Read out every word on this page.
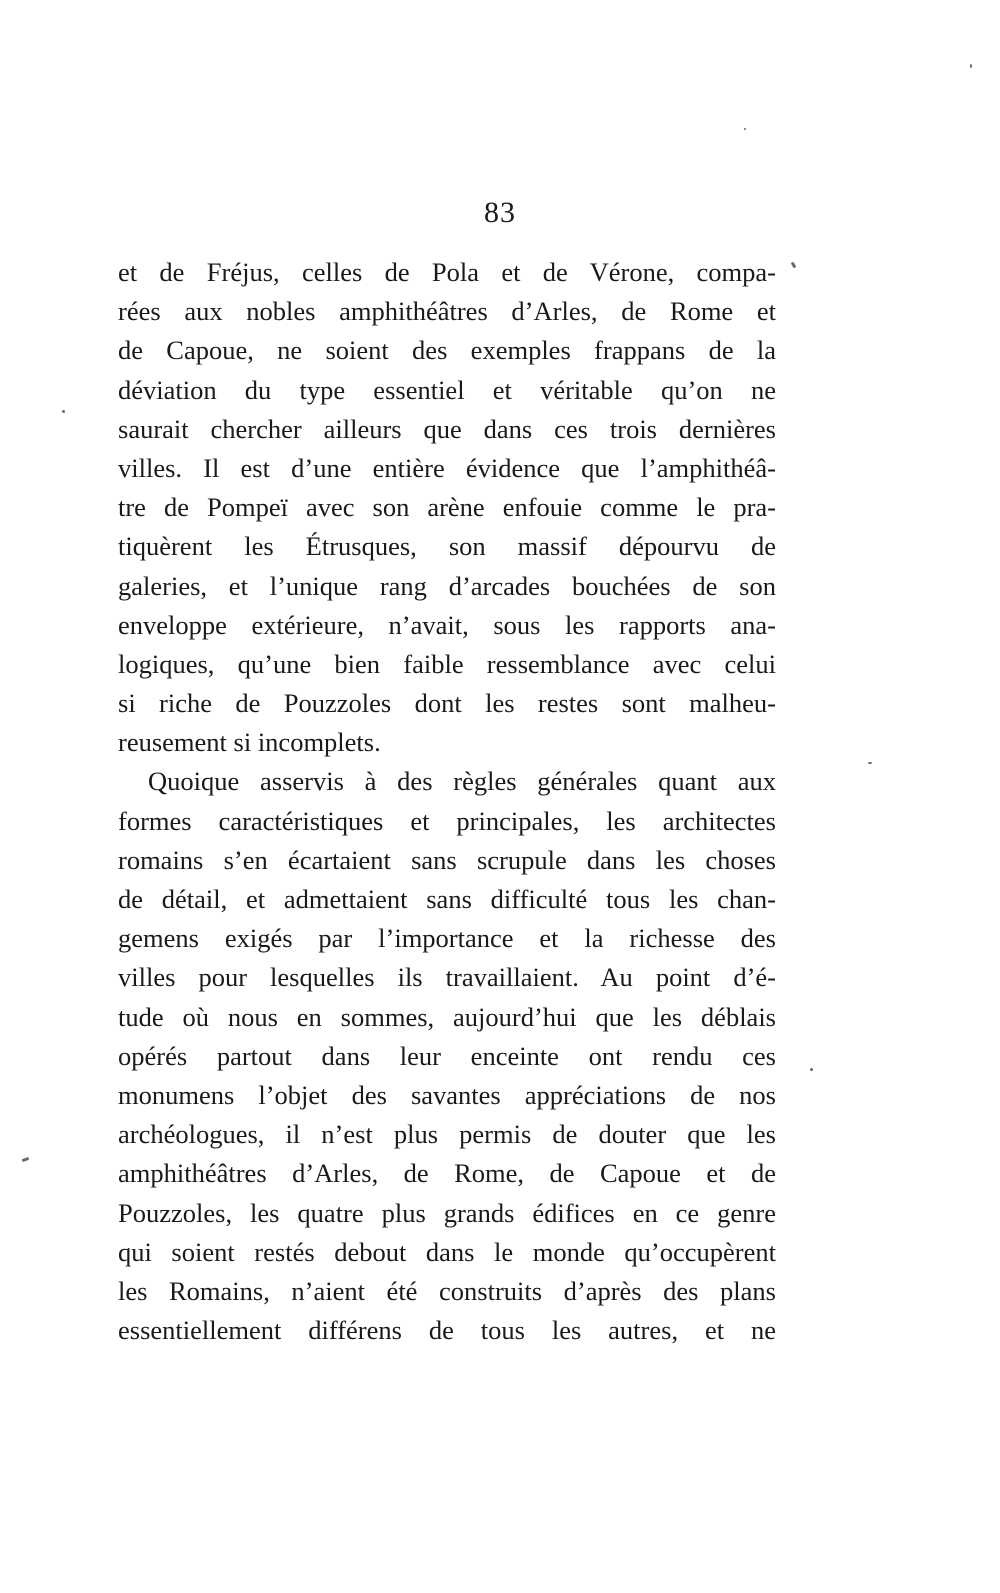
83
et de Fréjus, celles de Pola et de Vérone, compa-
rées aux nobles amphithéâtres d’Arles, de Rome et
de Capoue, ne soient des exemples frappans de la
déviation du type essentiel et véritable qu’on ne
saurait chercher ailleurs que dans ces trois dernières
villes. Il est d’une entière évidence que l’amphithéâ-
tre de Pompeï avec son arène enfouie comme le pra-
tiquèrent les Étrusques, son massif dépourvu de
galeries, et l’unique rang d’arcades bouchées de son
enveloppe extérieure, n’avait, sous les rapports ana-
logiques, qu’une bien faible ressemblance avec celui
si riche de Pouzzoles dont les restes sont malheu-
reusement si incomplets.
Quoique asservis à des règles générales quant aux
formes caractéristiques et principales, les architectes
romains s’en écartaient sans scrupule dans les choses
de détail, et admettaient sans difficulté tous les chan-
gemens exigés par l’importance et la richesse des
villes pour lesquelles ils travaillaient. Au point d’é-
tude où nous en sommes, aujourd’hui que les déblais
opérés partout dans leur enceinte ont rendu ces
monumens l’objet des savantes appréciations de nos
archéologues, il n’est plus permis de douter que les
amphithéâtres d’Arles, de Rome, de Capoue et de
Pouzzoles, les quatre plus grands édifices en ce genre
qui soient restés debout dans le monde qu’occupèrent
les Romains, n’aient été construits d’après des plans
essentiellement différens de tous les autres, et ne
